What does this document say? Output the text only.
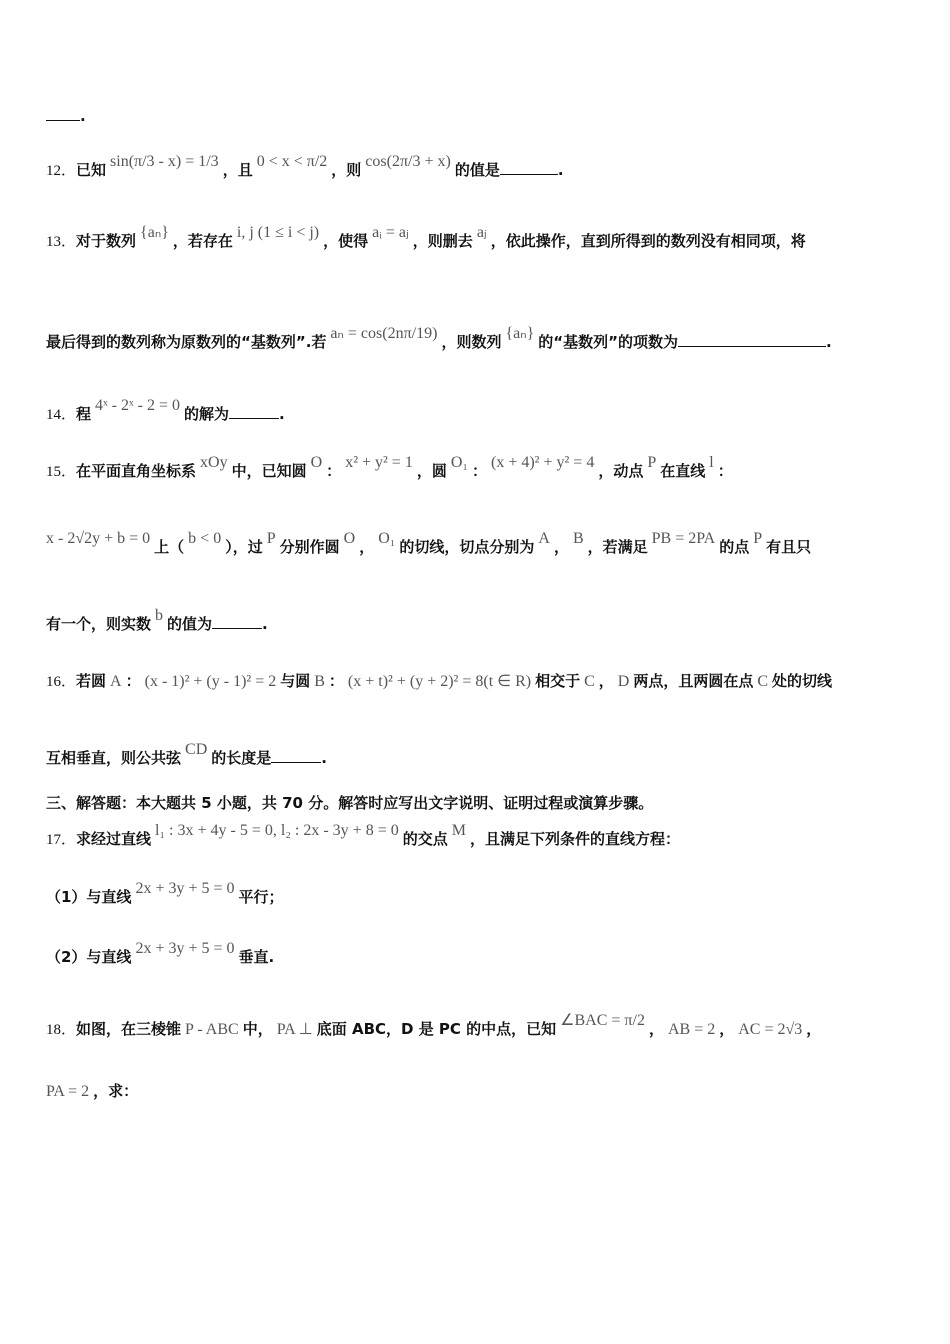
.
12．已知 sin(π/3 - x) = 1/3 ，且 0 < x < π/2 ，则 cos(2π/3 + x) 的值是	.
13．对于数列 {aₙ} ，若存在 i, j (1 ≤ i < j) ，使得 aᵢ = aⱼ ，则删去 aⱼ ，依此操作，直到所得到的数列没有相同项，将
最后得到的数列称为原数列的“基数列”.若 aₙ = cos(2nπ/19) ，则数列 {aₙ} 的“基数列”的项数为	.
14．程 4ˣ - 2ˣ - 2 = 0 的解为	.
15．在平面直角坐标系 xOy 中，已知圆 O ： x² + y² = 1 ，圆 O₁ ： (x + 4)² + y² = 4 ，动点 P 在直线 l ：
x - 2√2y + b = 0 上（ b < 0 ），过 P 分别作圆 O ， O₁ 的切线，切点分别为 A ， B ，若满足 PB = 2PA 的点 P 有且只
有一个，则实数 b 的值为	.
16．若圆 A ： (x - 1)² + (y - 1)² = 2 与圆 B ： (x + t)² + (y + 2)² = 8(t ∈ R) 相交于 C ， D 两点，且两圆在点 C 处的切线
互相垂直，则公共弦 CD 的长度是	.
三、解答题：本大题共 5 小题，共 70 分。解答时应写出文字说明、证明过程或演算步骤。
17．求经过直线 l₁ : 3x + 4y - 5 = 0, l₂ : 2x - 3y + 8 = 0 的交点 M ，且满足下列条件的直线方程：
（1）与直线 2x + 3y + 5 = 0 平行；
（2）与直线 2x + 3y + 5 = 0 垂直.
18．如图，在三棱锥 P - ABC 中， PA ⊥ 底面 ABC，D 是 PC 的中点，已知 ∠BAC = π/2 ， AB = 2 ， AC = 2√3 ，
PA = 2 ，求：
